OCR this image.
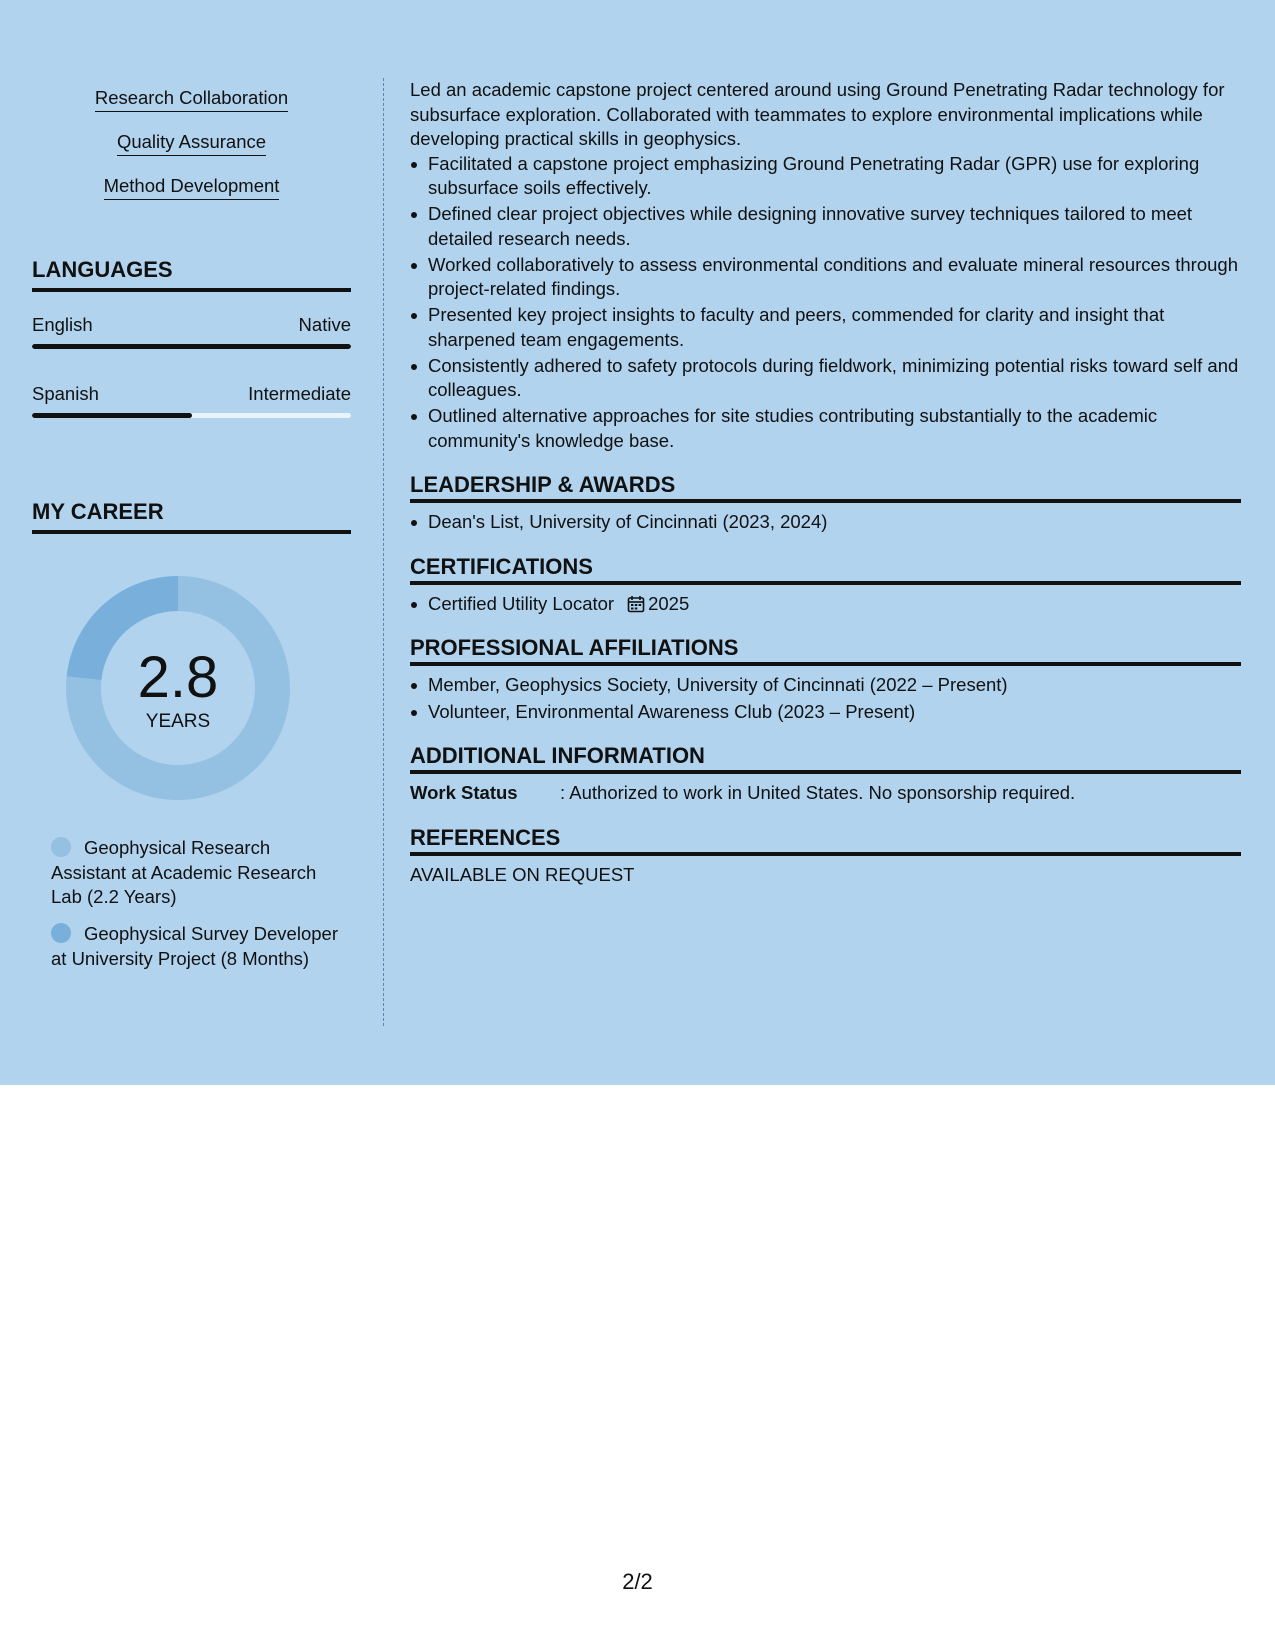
Research Collaboration
Quality Assurance
Method Development
LANGUAGES
English	Native
Spanish	Intermediate
MY CAREER
2.8
YEARS
Geophysical Research Assistant at Academic Research Lab (2.2 Years)
Geophysical Survey Developer at University Project (8 Months)

Led an academic capstone project centered around using Ground Penetrating Radar technology for subsurface exploration. Collaborated with teammates to explore environmental implications while developing practical skills in geophysics.

Facilitated a capstone project emphasizing Ground Penetrating Radar (GPR) use for exploring subsurface soils effectively.
Defined clear project objectives while designing innovative survey techniques tailored to meet detailed research needs.
Worked collaboratively to assess environmental conditions and evaluate mineral resources through project-related findings.
Presented key project insights to faculty and peers, commended for clarity and insight that sharpened team engagements.
Consistently adhered to safety protocols during fieldwork, minimizing potential risks toward self and colleagues.
Outlined alternative approaches for site studies contributing substantially to the academic community's knowledge base.
LEADERSHIP & AWARDS
Dean's List, University of Cincinnati (2023, 2024)
CERTIFICATIONS
Certified Utility Locator 2025
PROFESSIONAL AFFILIATIONS
Member, Geophysics Society, University of Cincinnati (2022 – Present)
Volunteer, Environmental Awareness Club (2023 – Present)
ADDITIONAL INFORMATION
Work Status : Authorized to work in United States. No sponsorship required.
REFERENCES
AVAILABLE ON REQUEST
2/2
